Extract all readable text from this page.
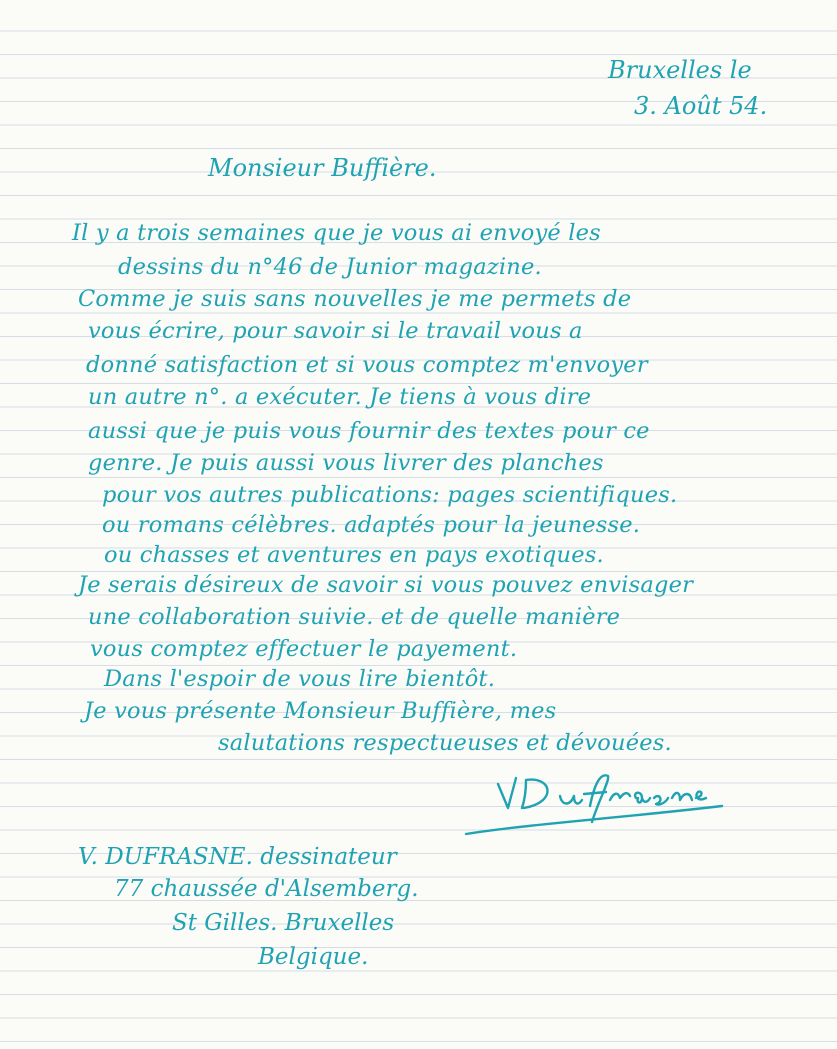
Bruxelles le
3. Août 54.
Monsieur Buffière.
Il y a trois semaines que je vous ai envoyé les
dessins du n°46 de Junior magazine.
Comme je suis sans nouvelles je me permets de
vous écrire, pour savoir si le travail vous a
donné satisfaction et si vous comptez m'envoyer
un autre n°. a exécuter. Je tiens à vous dire
aussi que je puis vous fournir des textes pour ce
genre. Je puis aussi vous livrer des planches
pour vos autres publications: pages scientifiques.
ou romans célèbres. adaptés pour la jeunesse.
ou chasses et aventures en pays exotiques.
Je serais désireux de savoir si vous pouvez envisager
une collaboration suivie. et de quelle manière
vous comptez effectuer le payement.
Dans l'espoir de vous lire bientôt.
Je vous présente Monsieur Buffière, mes
salutations respectueuses et dévouées.
V. DUFRASNE. dessinateur
77 chaussée d'Alsemberg.
St Gilles. Bruxelles
Belgique.
